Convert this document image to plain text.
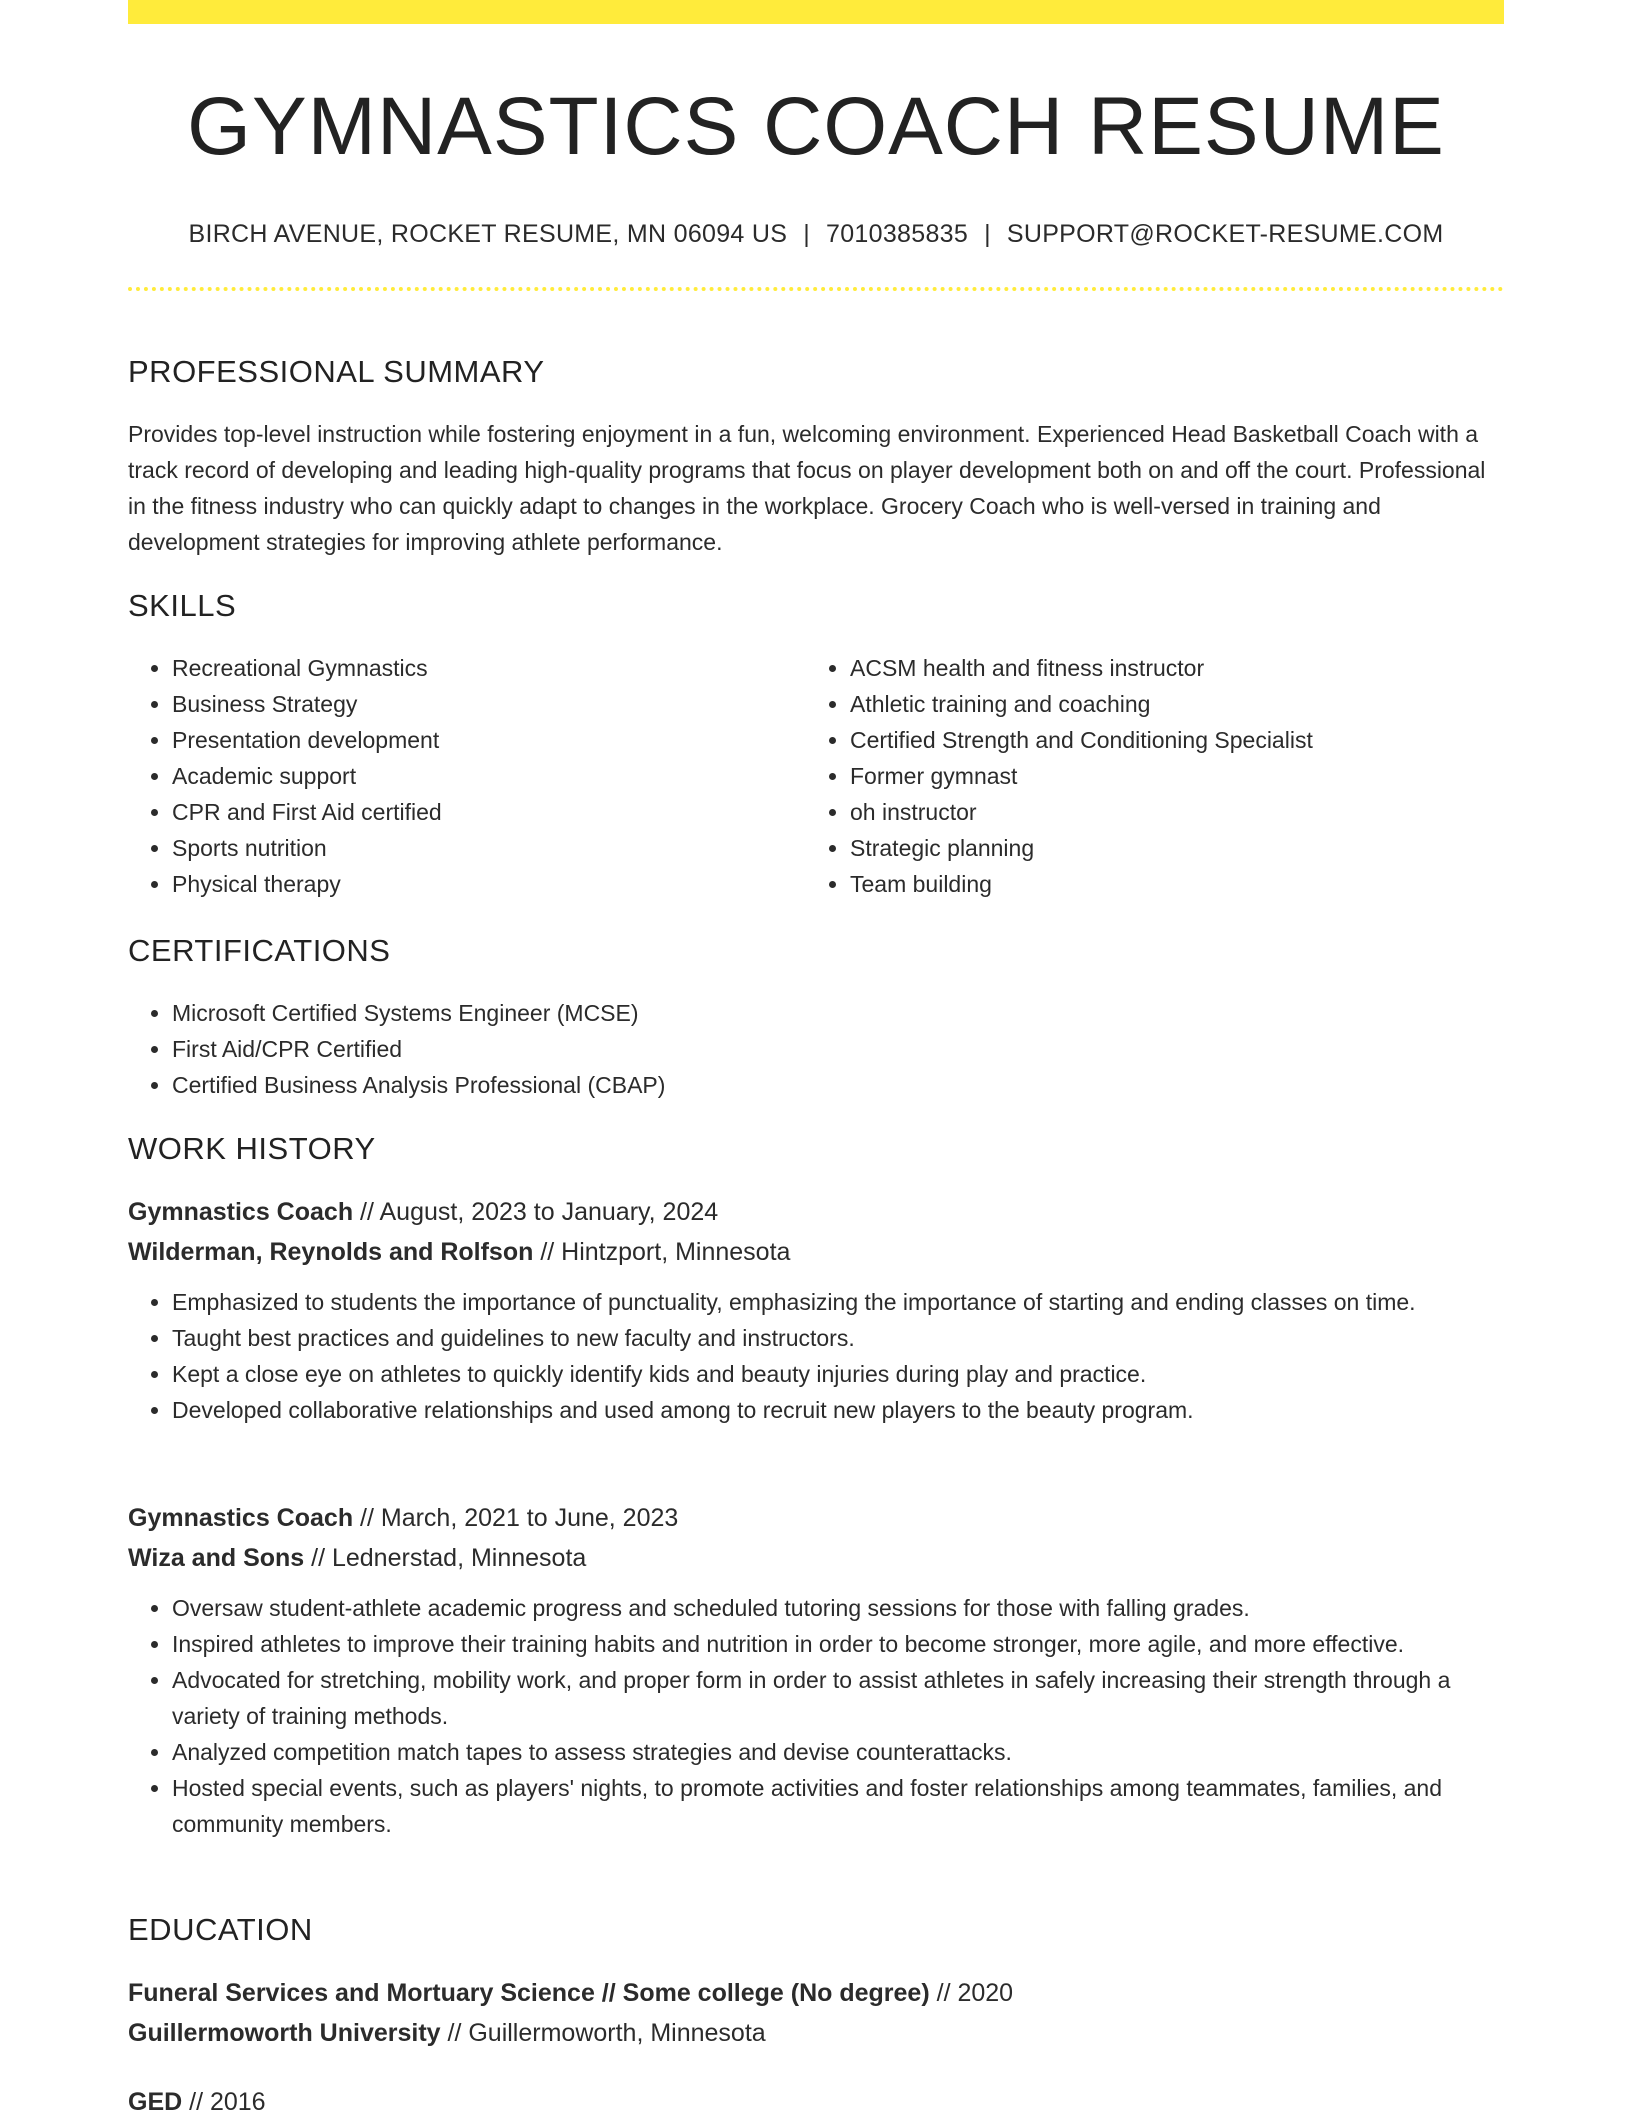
GYMNASTICS COACH RESUME
BIRCH AVENUE, ROCKET RESUME, MN 06094 US | 7010385835 | SUPPORT@ROCKET-RESUME.COM
PROFESSIONAL SUMMARY

Provides top-level instruction while fostering enjoyment in a fun, welcoming environment. Experienced Head Basketball Coach with a track record of developing and leading high-quality programs that focus on player development both on and off the court. Professional in the fitness industry who can quickly adapt to changes in the workplace. Grocery Coach who is well-versed in training and development strategies for improving athlete performance.

SKILLS
• Recreational Gymnastics
• Business Strategy
• Presentation development
• Academic support
• CPR and First Aid certified
• Sports nutrition
• Physical therapy
• ACSM health and fitness instructor
• Athletic training and coaching
• Certified Strength and Conditioning Specialist
• Former gymnast
• oh instructor
• Strategic planning
• Team building
CERTIFICATIONS
• Microsoft Certified Systems Engineer (MCSE)
• First Aid/CPR Certified
• Certified Business Analysis Professional (CBAP)
WORK HISTORY

Gymnastics Coach // August, 2023 to January, 2024

Wilderman, Reynolds and Rolfson // Hintzport, Minnesota

• Emphasized to students the importance of punctuality, emphasizing the importance of starting and ending classes on time.
• Taught best practices and guidelines to new faculty and instructors.
• Kept a close eye on athletes to quickly identify kids and beauty injuries during play and practice.
• Developed collaborative relationships and used among to recruit new players to the beauty program.

Gymnastics Coach // March, 2021 to June, 2023

Wiza and Sons // Lednerstad, Minnesota

• Oversaw student-athlete academic progress and scheduled tutoring sessions for those with falling grades.
• Inspired athletes to improve their training habits and nutrition in order to become stronger, more agile, and more effective.
• Advocated for stretching, mobility work, and proper form in order to assist athletes in safely increasing their strength through a variety of training methods.
• Analyzed competition match tapes to assess strategies and devise counterattacks.
• Hosted special events, such as players' nights, to promote activities and foster relationships among teammates, families, and community members.
EDUCATION

Funeral Services and Mortuary Science // Some college (No degree) // 2020

Guillermoworth University // Guillermoworth, Minnesota

GED // 2016
